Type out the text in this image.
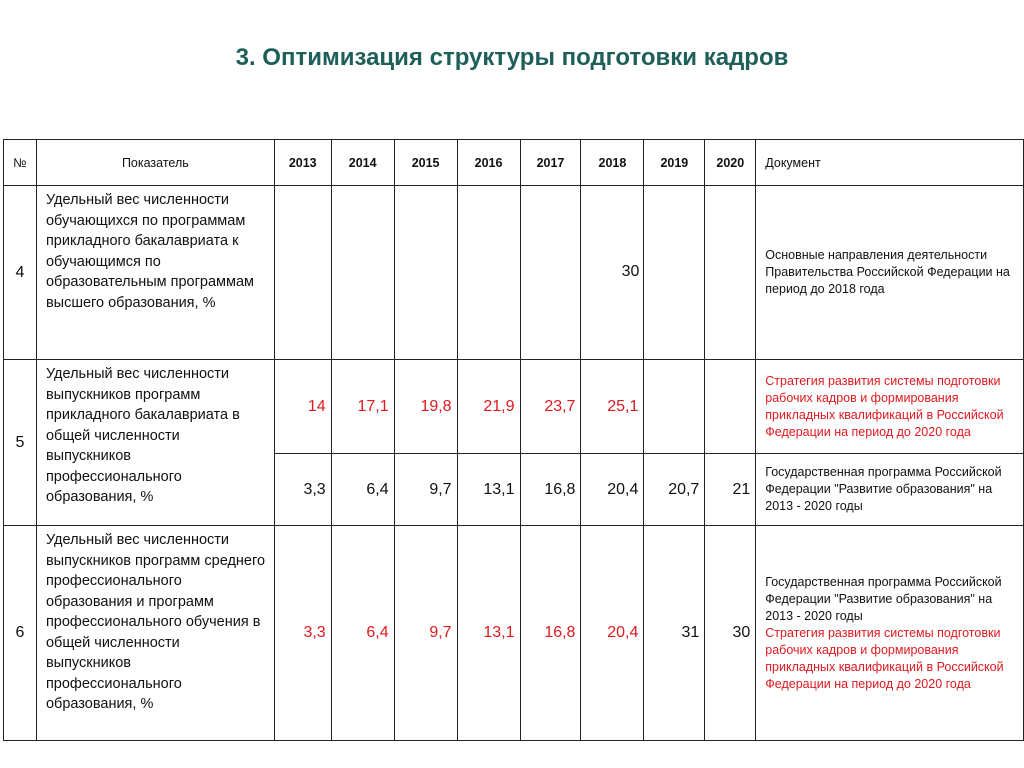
3. Оптимизация структуры подготовки кадров
№	Показатель	2013	2014	2015	2016	2017	2018	2019	2020	Документ
4	Удельный вес численности обучающихся по программам прикладного бакалавриата к обучающимся по образовательным программам высшего образования, %						30			Основные направления деятельности Правительства Российской Федерации на период до 2018 года
5	Удельный вес численности выпускников программ прикладного бакалавриата в общей численности выпускников профессионального образования, %	14	17,1	19,8	21,9	23,7	25,1			Стратегия развития системы подготовки рабочих кадров и формирования прикладных квалификаций в Российской Федерации на период до 2020 года
		3,3	6,4	9,7	13,1	16,8	20,4	20,7	21	Государственная программа Российской Федерации "Развитие образования" на 2013 - 2020 годы
6	Удельный вес численности выпускников программ среднего профессионального образования и программ профессионального обучения в общей численности выпускников профессионального образования, %	3,3	6,4	9,7	13,1	16,8	20,4	31	30	Государственная программа Российской Федерации "Развитие образования" на 2013 - 2020 годы
Стратегия развития системы подготовки рабочих кадров и формирования прикладных квалификаций в Российской Федерации на период до 2020 года
